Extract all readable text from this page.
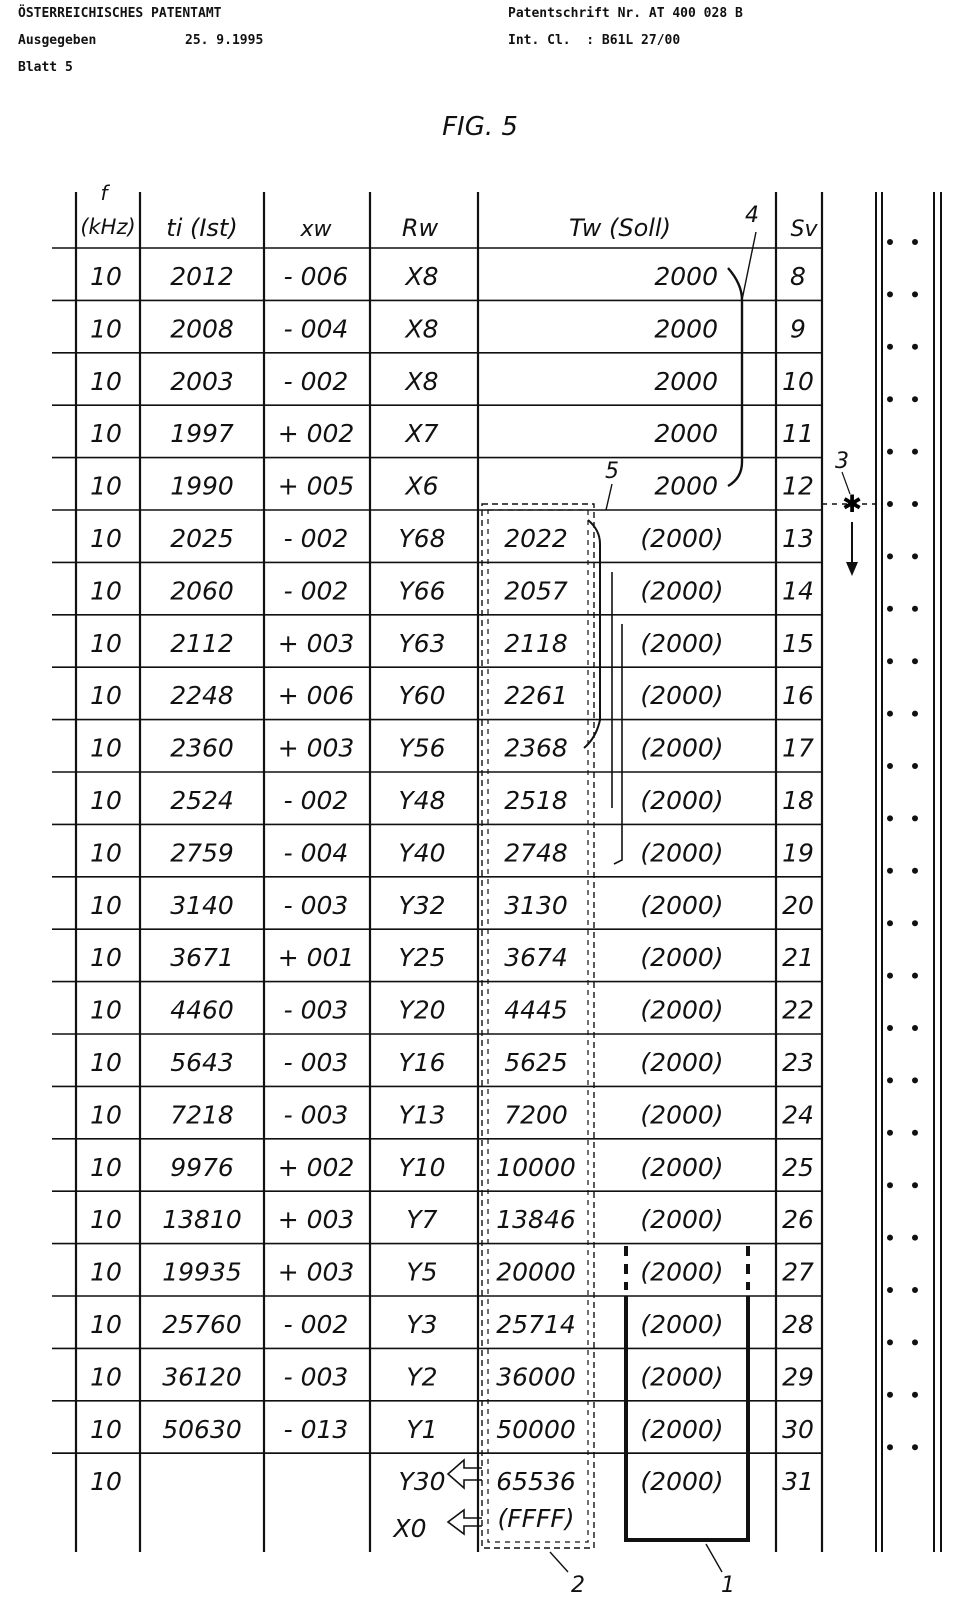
ÖSTERREICHISCHES PATENTAMT
Ausgegeben	25. 9.1995
Blatt 5
Patentschrift Nr. AT 400 028 B
Int. Cl.  : B61L 27/00
FIG. 5
f
(kHz) ti (Ist)	xw	Rw	Tw (Soll)	Sv
10 2012 - 006 X8	2000	8
10 2008 - 004 X8	2000	9
10 2003 - 002 X8	2000	10
10 1997 + 002 X7	2000	11
10 1990 + 005 X6	2000	12
10 2025 - 002 Y68 2022	(2000) 13
10 2060 - 002 Y66 2057	(2000) 14
10 2112 + 003 Y63 2118	(2000) 15
10 2248 + 006 Y60 2261	(2000) 16
10 2360 + 003 Y56 2368	(2000) 17
10 2524 - 002 Y48 2518	(2000) 18
10 2759 - 004 Y40 2748	(2000) 19
10 3140 - 003 Y32 3130	(2000) 20
10 3671 + 001 Y25 3674	(2000) 21
10 4460 - 003 Y20 4445	(2000) 22
10 5643 - 003 Y16 5625	(2000) 23
10 7218 - 003 Y13 7200	(2000) 24
10 9976 + 002 Y10 10000	(2000) 25
10 13810 + 003 Y7 13846	(2000) 26
10 19935 + 003 Y5 20000	(2000) 27
10 25760 - 002 Y3 25714	(2000) 28
10 36120 - 003 Y2 36000	(2000) 29
10 50630 - 013 Y1 50000	(2000) 30
10	Y30 65536	(2000) 31
X0	(FFFF)
4
5
1
2
✱
3
